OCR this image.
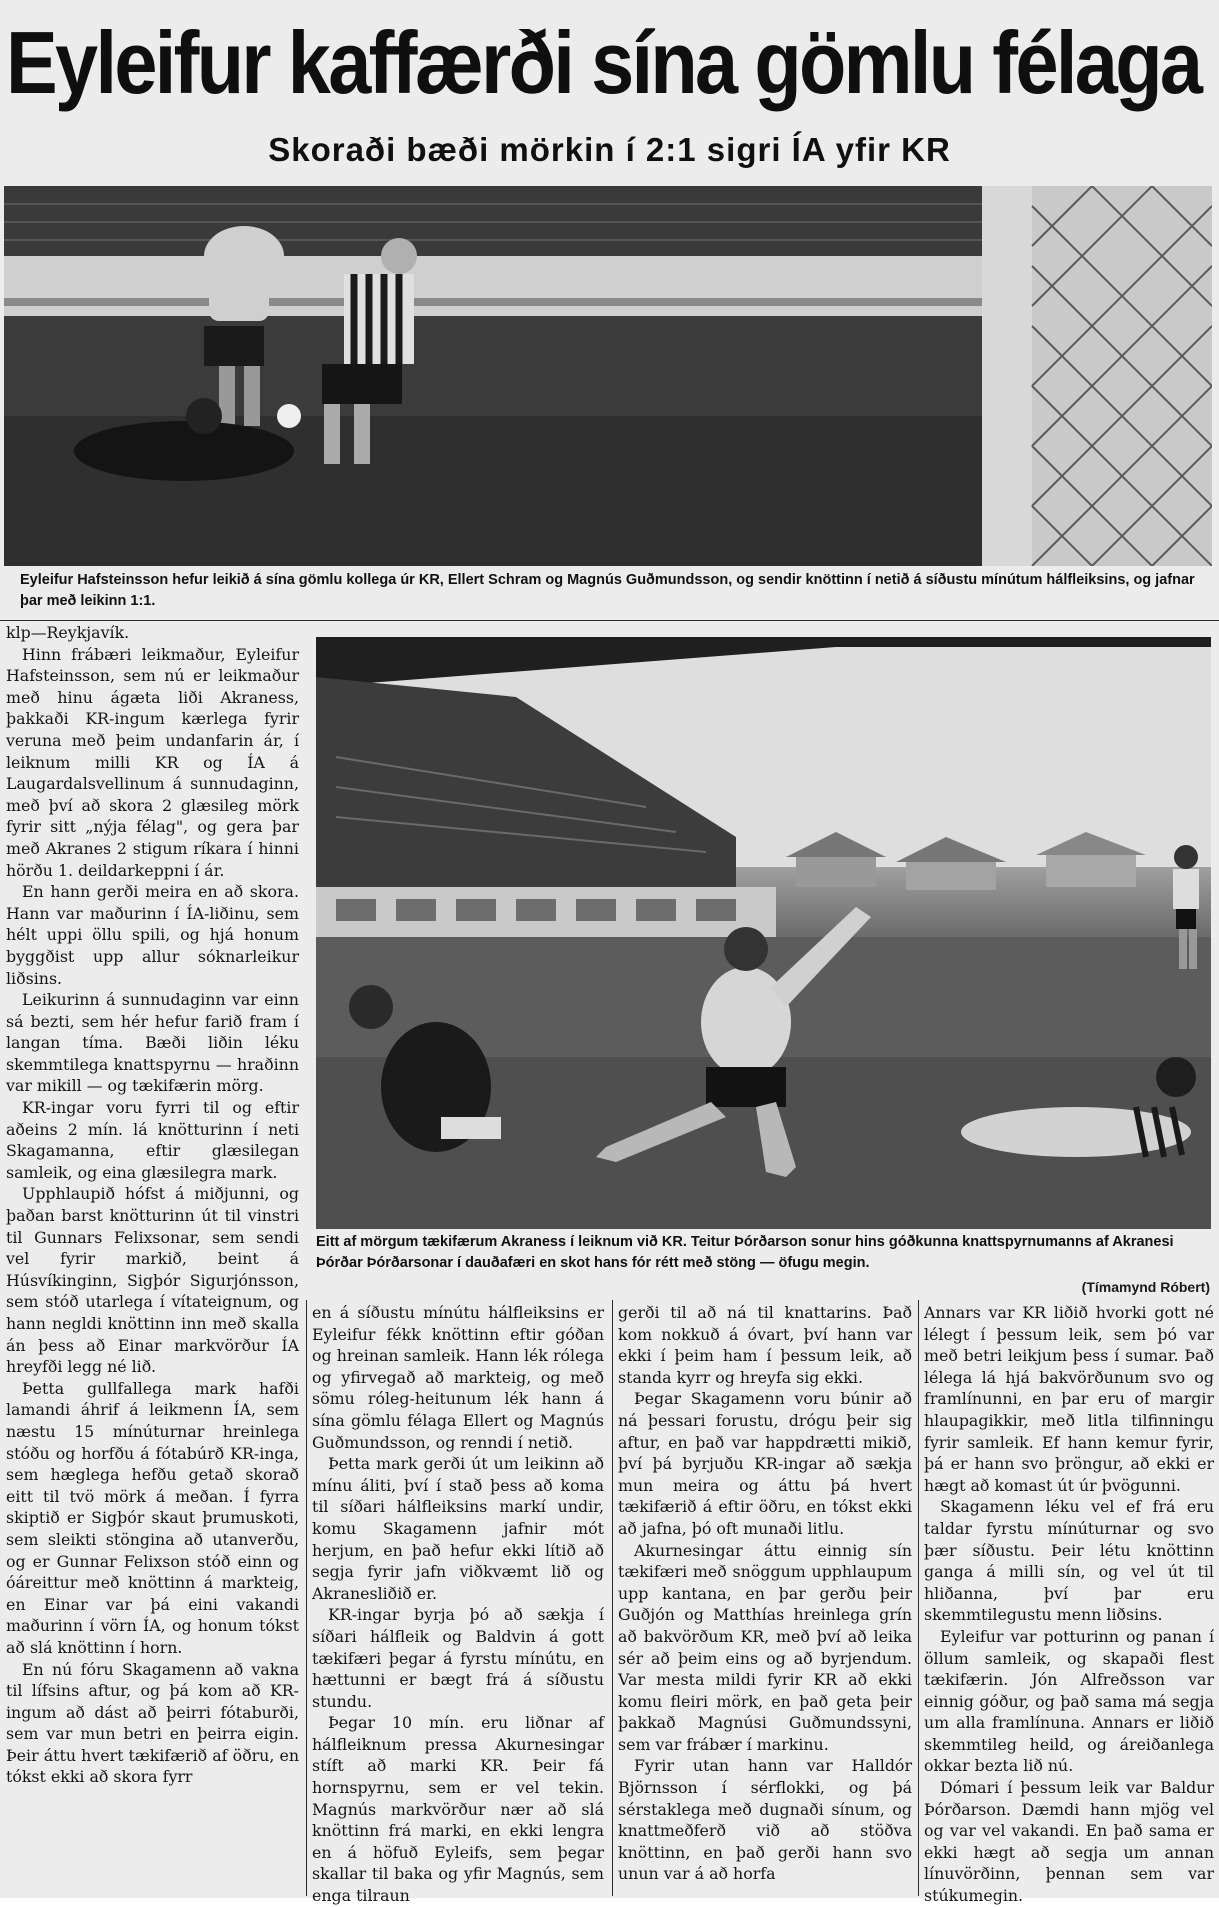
Eyleifur kaffærði sína gömlu félaga
Skoraði bæði mörkin í 2:1 sigri ÍA yfir KR
Eyleifur Hafsteinsson hefur leikið á sína gömlu kollega úr KR, Ellert Schram og Magnús Guðmundsson, og sendir knöttinn í netið á síðustu mínútum hálfleiksins, og jafnar þar með leikinn 1:1.
Eitt af mörgum tækifærum Akraness í leiknum við KR. Teitur Þórðarson sonur hins góðkunna knattspyrnumanns af Akranesi Þórðar Þórðarsonar í dauðafæri en skot hans fór rétt með stöng — öfugu megin.
(Tímamynd Róbert)

klp—Reykjavík.

Hinn frábæri leikmaður, Eyleifur Hafsteinsson, sem nú er leikmaður með hinu ágæta liði Akraness, þakkaði KR-ingum kærlega fyrir veruna með þeim undanfarin ár, í leiknum milli KR og ÍA á Laugardalsvellinum á sunnudaginn, með því að skora 2 glæsileg mörk fyrir sitt „nýja félag", og gera þar með Akranes 2 stigum ríkara í hinni hörðu 1. deildarkeppni í ár.

En hann gerði meira en að skora. Hann var maðurinn í ÍA-liðinu, sem hélt uppi öllu spili, og hjá honum byggðist upp allur sóknarleikur liðsins.

Leikurinn á sunnudaginn var einn sá bezti, sem hér hefur farið fram í langan tíma. Bæði liðin léku skemmtilega knattspyrnu — hraðinn var mikill — og tækifærin mörg.

KR-ingar voru fyrri til og eftir aðeins 2 mín. lá knötturinn í neti Skagamanna, eftir glæsilegan samleik, og eina glæsilegra mark.

Upphlaupið hófst á miðjunni, og þaðan barst knötturinn út til vinstri til Gunnars Felixsonar, sem sendi vel fyrir markið, beint á Húsvíkinginn, Sigþór Sigurjónsson, sem stóð utarlega í vítateignum, og hann negldi knöttinn inn með skalla án þess að Einar markvörður ÍA hreyfði legg né lið.

Þetta gullfallega mark hafði lamandi áhrif á leikmenn ÍA, sem næstu 15 mínúturnar hreinlega stóðu og horfðu á fótabúrð KR-inga, sem hæglega hefðu getað skorað eitt til tvö mörk á meðan. Í fyrra skiptið er Sigþór skaut þrumuskoti, sem sleikti stöngina að utanverðu, og er Gunnar Felixson stóð einn og óáreittur með knöttinn á markteig, en Einar var þá eini vakandi maðurinn í vörn ÍA, og honum tókst að slá knöttinn í horn.

En nú fóru Skagamenn að vakna til lífsins aftur, og þá kom að KR-ingum að dást að þeirri fótaburði, sem var mun betri en þeirra eigin. Þeir áttu hvert tækifærið af öðru, en tókst ekki að skora fyrr

en á síðustu mínútu hálfleiksins er Eyleifur fékk knöttinn eftir góðan og hreinan samleik. Hann lék rólega og yfirvegað að markteig, og með sömu róleg-heitunum lék hann á sína gömlu félaga Ellert og Magnús Guðmundsson, og renndi í netið.

Þetta mark gerði út um leikinn að mínu áliti, því í stað þess að koma til síðari hálfleiksins markí undir, komu Skagamenn jafnir mót herjum, en það hefur ekki lítið að segja fyrir jafn viðkvæmt lið og Akranesliðið er.

KR-ingar byrja þó að sækja í síðari hálfleik og Baldvin á gott tækifæri þegar á fyrstu mínútu, en hættunni er bægt frá á síðustu stundu.

Þegar 10 mín. eru liðnar af hálfleiknum pressa Akurnesingar stíft að marki KR. Þeir fá hornspyrnu, sem er vel tekin. Magnús markvörður nær að slá knöttinn frá marki, en ekki lengra en á höfuð Eyleifs, sem þegar skallar til baka og yfir Magnús, sem enga tilraun

gerði til að ná til knattarins. Það kom nokkuð á óvart, því hann var ekki í þeim ham í þessum leik, að standa kyrr og hreyfa sig ekki.

Þegar Skagamenn voru búnir að ná þessari forustu, drógu þeir sig aftur, en það var happdrætti mikið, því þá byrjuðu KR-ingar að sækja mun meira og áttu þá hvert tækifærið á eftir öðru, en tókst ekki að jafna, þó oft munaði litlu.

Akurnesingar áttu einnig sín tækifæri með snöggum upphlaupum upp kantana, en þar gerðu þeir Guðjón og Matthías hreinlega grín að bakvörðum KR, með því að leika sér að þeim eins og að byrjendum. Var mesta mildi fyrir KR að ekki komu fleiri mörk, en það geta þeir þakkað Magnúsi Guðmundssyni, sem var frábær í markinu.

Fyrir utan hann var Halldór Björnsson í sérflokki, og þá sérstaklega með dugnaði sínum, og knattmeðferð við að stöðva knöttinn, en það gerði hann svo unun var á að horfa

Annars var KR liðið hvorki gott né lélegt í þessum leik, sem þó var með betri leikjum þess í sumar. Það lélega lá hjá bakvörðunum svo og framlínunni, en þar eru of margir hlaupagikkir, með litla tilfinningu fyrir samleik. Ef hann kemur fyrir, þá er hann svo þröngur, að ekki er hægt að komast út úr þvögunni.

Skagamenn léku vel ef frá eru taldar fyrstu mínúturnar og svo þær síðustu. Þeir létu knöttinn ganga á milli sín, og vel út til hliðanna, því þar eru skemmtilegustu menn liðsins.

Eyleifur var potturinn og panan í öllum samleik, og skapaði flest tækifærin. Jón Alfreðsson var einnig góður, og það sama má segja um alla framlínuna. Annars er liðið skemmtileg heild, og áreiðanlega okkar bezta lið nú.

Dómari í þessum leik var Baldur Þórðarson. Dæmdi hann mjög vel og var vel vakandi. En það sama er ekki hægt að segja um annan línuvörðinn, þennan sem var stúkumegin.
